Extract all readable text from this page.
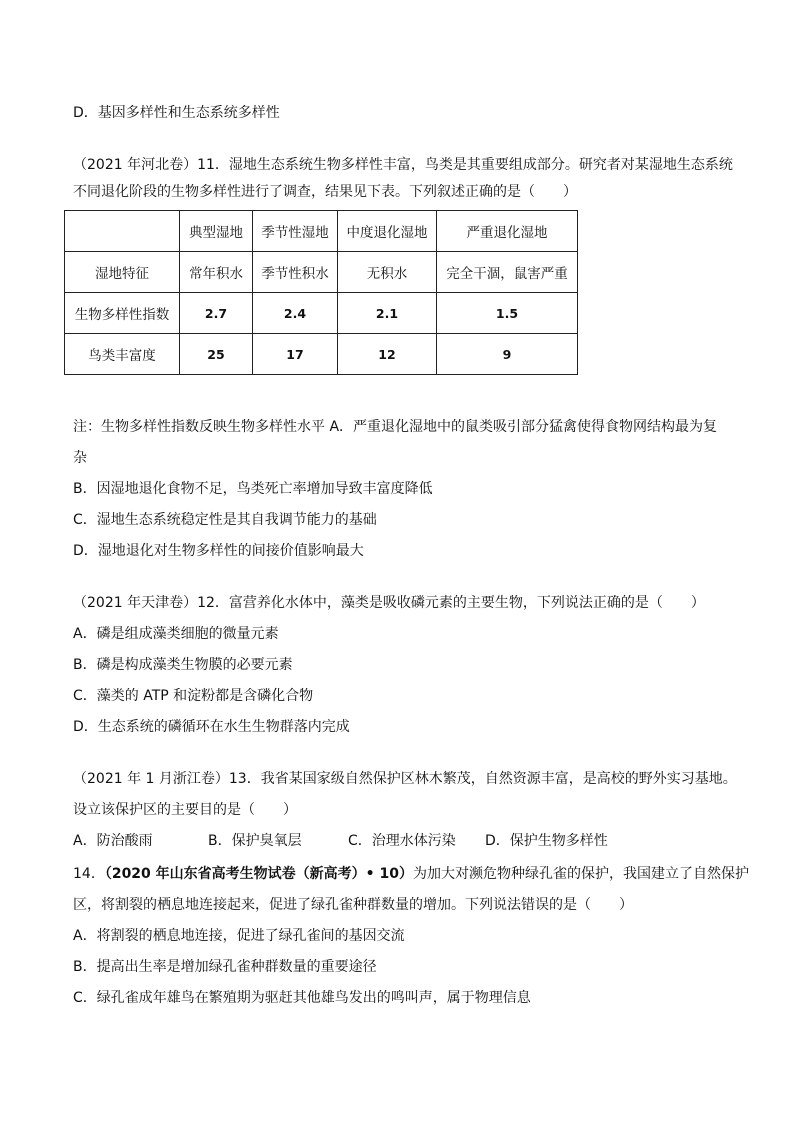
D．基因多样性和生态系统多样性
（2021 年河北卷）11．湿地生态系统生物多样性丰富，鸟类是其重要组成部分。研究者对某湿地生态系统
不同退化阶段的生物多样性进行了调查，结果见下表。下列叙述正确的是（　　）
	典型湿地	季节性湿地	中度退化湿地	严重退化湿地
湿地特征	常年积水	季节性积水	无积水	完全干涸，鼠害严重
生物多样性指数	2.7	2.4	2.1	1.5
鸟类丰富度	25	17	12	9
注：生物多样性指数反映生物多样性水平 A．严重退化湿地中的鼠类吸引部分猛禽使得食物网结构最为复
杂
B．因湿地退化食物不足，鸟类死亡率增加导致丰富度降低
C．湿地生态系统稳定性是其自我调节能力的基础
D．湿地退化对生物多样性的间接价值影响最大
（2021 年天津卷）12．富营养化水体中，藻类是吸收磷元素的主要生物，下列说法正确的是（　　）
A．磷是组成藻类细胞的微量元素
B．磷是构成藻类生物膜的必要元素
C．藻类的 ATP 和淀粉都是含磷化合物
D．生态系统的磷循环在水生生物群落内完成
（2021 年 1 月浙江卷）13．我省某国家级自然保护区林木繁茂，自然资源丰富，是高校的野外实习基地。
设立该保护区的主要目的是（　　）
A．防治酸雨	B．保护臭氧层	C．治理水体污染 D．保护生物多样性
14．（2020 年山东省高考生物试卷（新高考）• 10）为加大对濒危物种绿孔雀的保护，我国建立了自然保护
区，将割裂的栖息地连接起来，促进了绿孔雀种群数量的增加。下列说法错误的是（　　）
A．将割裂的栖息地连接，促进了绿孔雀间的基因交流
B．提高出生率是增加绿孔雀种群数量的重要途径
C．绿孔雀成年雄鸟在繁殖期为驱赶其他雄鸟发出的鸣叫声，属于物理信息
